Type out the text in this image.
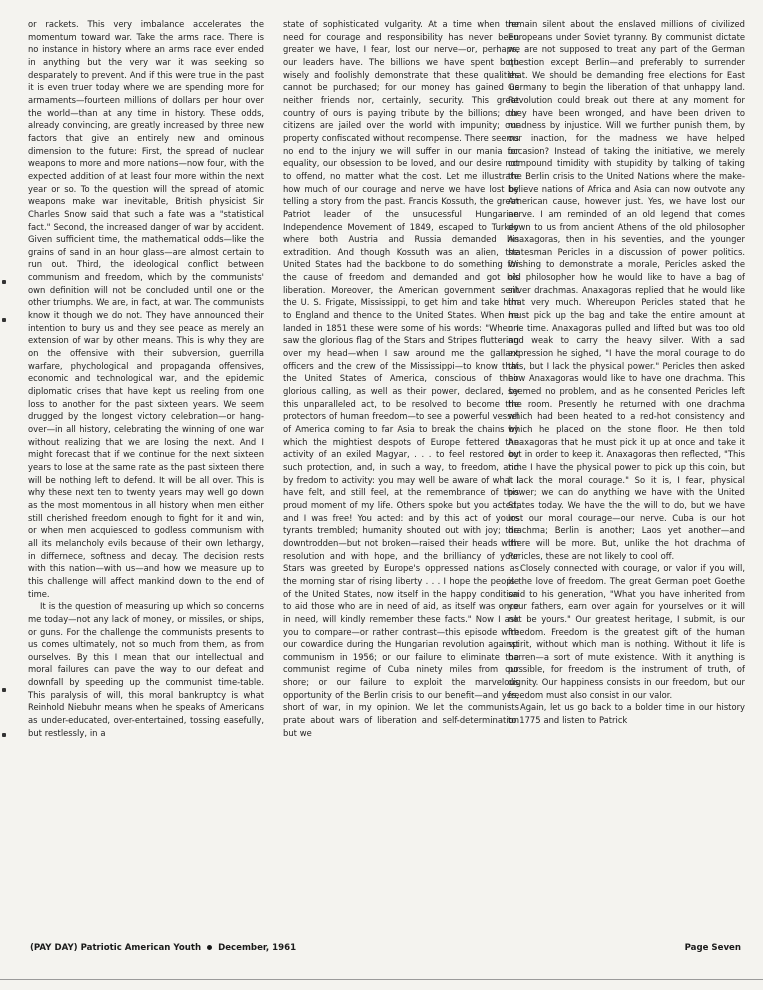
or rackets. This very imbalance accelerates the momentum toward war. Take the arms race. There is no instance in history where an arms race ever ended in anything but the very war it was seeking so desparately to prevent. And if this were true in the past it is even truer today where we are spending more for armaments—fourteen millions of dollars per hour over the world—than at any time in history. These odds, already convincing, are greatly increased by three new factors that give an entirely new and ominous dimension to the future: First, the spread of nuclear weapons to more and more nations—now four, with the expected addition of at least four more within the next year or so. To the question will the spread of atomic weapons make war inevitable, British physicist Sir Charles Snow said that such a fate was a "statistical fact." Second, the increased danger of war by accident. Given sufficient time, the mathematical odds—like the grains of sand in an hour glass—are almost certain to run out. Third, the ideological conflict between communism and freedom, which by the communists' own definition will not be concluded until one or the other triumphs. We are, in fact, at war. The communists know it though we do not. They have announced their intention to bury us and they see peace as merely an extension of war by other means. This is why they are on the offensive with their subversion, guerrilla warfare, phychological and propaganda offensives, economic and technological war, and the epidemic diplomatic crises that have kept us reeling from one loss to another for the past sixteen years. We seem drugged by the longest victory celebration—or hang-over—in all history, celebrating the winning of one war without realizing that we are losing the next. And I might forecast that if we continue for the next sixteen years to lose at the same rate as the past sixteen there will be nothing left to defend. It will be all over. This is why these next ten to twenty years may well go down as the most momentous in all history when men either still cherished freedom enough to fight for it and win, or when men acquiesced to godless communism with all its melancholy evils because of their own lethargy, in differnece, softness and decay. The decision rests with this nation—with us—and how we measure up to this challenge will affect mankind down to the end of time.

It is the question of measuring up which so concerns me today—not any lack of money, or missiles, or ships, or guns. For the challenge the communists presents to us comes ultimately, not so much from them, as from ourselves. By this I mean that our intellectual and moral failures can pave the way to our defeat and downfall by speeding up the communist time-table. This paralysis of will, this moral bankruptcy is what Reinhold Niebuhr means when he speaks of Americans as under-educated, over-entertained, tossing easefully, but restlessly, in a

state of sophisticated vulgarity. At a time when the need for courage and responsibility has never been greater we have, I fear, lost our nerve—or, perhaps, our leaders have. The billions we have spent both wisely and foolishly demonstrate that these qualities cannot be purchased; for our money has gained us neither friends nor, certainly, security. This great country of ours is paying tribute by the billions; our citizens are jailed over the world with impunity; our property confiscated without recompense. There seems no end to the injury we will suffer in our mania for equality, our obsession to be loved, and our desire not to offend, no matter what the cost. Let me illustrate how much of our courage and nerve we have lost by telling a story from the past. Francis Kossuth, the great Patriot leader of the unsucessful Hungarian Independence Movement of 1849, escaped to Turkey where both Austria and Russia demanded his extradition. And though Kossuth was an alien, the United States had the backbone to do something for the cause of freedom and demanded and got his liberation. Moreover, the American government sent the U. S. Frigate, Mississippi, to get him and take him to England and thence to the United States. When he landed in 1851 these were some of his words: "When I saw the glorious flag of the Stars and Stripes fluttering over my head—when I saw around me the gallant officers and the crew of the Mississippi—to know that the United States of America, conscious of their glorious calling, as well as their power, declared, by this unparalleled act, to be resolved to become the protectors of human freedom—to see a powerful vessel of America coming to far Asia to break the chains by which the mightiest despots of Europe fettered the activity of an exiled Magyar, . . . to feel restored by such protection, and, in such a way, to freedom, and by fredom to activity: you may well be aware of what I have felt, and still feel, at the remembrance of this proud moment of my life. Others spoke but you acted; and I was free! You acted: and by this act of yours tyrants trembled; humanity shouted out with joy; the downtrodden—but not broken—raised their heads with resolution and with hope, and the brilliancy of your Stars was greeted by Europe's oppressed nations as the morning star of rising liberty . . . I hope the people of the United States, now itself in the happy condition to aid those who are in need of aid, as itself was once in need, will kindly remember these facts." Now I ask you to compare—or rather contrast—this episode with our cowardice during the Hungarian revolution against communism in 1956; or our failure to eliminate the communist regime of Cuba ninety miles from our shore; or our failure to exploit the marvelous opportunity of the Berlin crisis to our benefit—and yes, short of war, in my opinion. We let the communists prate about wars of liberation and self-determination but we

remain silent about the enslaved millions of civilized Europeans under Soviet tyranny. By communist dictate we are not supposed to treat any part of the German question except Berlin—and preferably to surrender that. We should be demanding free elections for East Germany to begin the liberation of that unhappy land. Revolution could break out there at any moment for they have been wronged, and have been driven to madness by injustice. Will we further punish them, by our inaction, for the madness we have helped occasion? Instead of taking the initiative, we merely compound timidity with stupidity by talking of taking the Berlin crisis to the United Nations where the make-believe nations of Africa and Asia can now outvote any American cause, however just. Yes, we have lost our nerve. I am reminded of an old legend that comes down to us from ancient Athens of the old philosopher Anaxagoras, then in his seventies, and the younger statesman Pericles in a discussion of power politics. Wishing to demonstrate a morale, Pericles asked the old philosopher how he would like to have a bag of silver drachmas. Anaxagoras replied that he would like that very much. Whereupon Pericles stated that he must pick up the bag and take the entire amount at one time. Anaxagoras pulled and lifted but was too old and weak to carry the heavy silver. With a sad expression he sighed, "I have the moral courage to do this, but I lack the physical power." Pericles then asked how Anaxagoras would like to have one drachma. This seemed no problem, and as he consented Pericles left the room. Presently he returned with one drachma which had been heated to a red-hot consistency and which he placed on the stone floor. He then told Anaxagoras that he must pick it up at once and take it out in order to keep it. Anaxagoras then reflected, "This time I have the physical power to pick up this coin, but I lack the moral courage." So it is, I fear, physical power; we can do anything we have with the United States today. We have the the will to do, but we have lost our moral courage—our nerve. Cuba is our hot drachma; Berlin is another; Laos yet another—and there will be more. But, unlike the hot drachma of Pericles, these are not likely to cool off.

Closely connected with courage, or valor if you will, is the love of freedom. The great German poet Goethe said to his generation, "What you have inherited from your fathers, earn over again for yourselves or it will not be yours." Our greatest heritage, I submit, is our freedom. Freedom is the greatest gift of the human spirit, without which man is nothing. Without it life is barren—a sort of mute existence. With it anything is possible, for freedom is the instrument of truth, of dignity. Our happiness consists in our freedom, but our freedom must also consist in our valor.

Again, let us go back to a bolder time in our history to 1775 and listen to Patrick

(PAY DAY) Patriotic American Youth December, 1961	Page Seven
